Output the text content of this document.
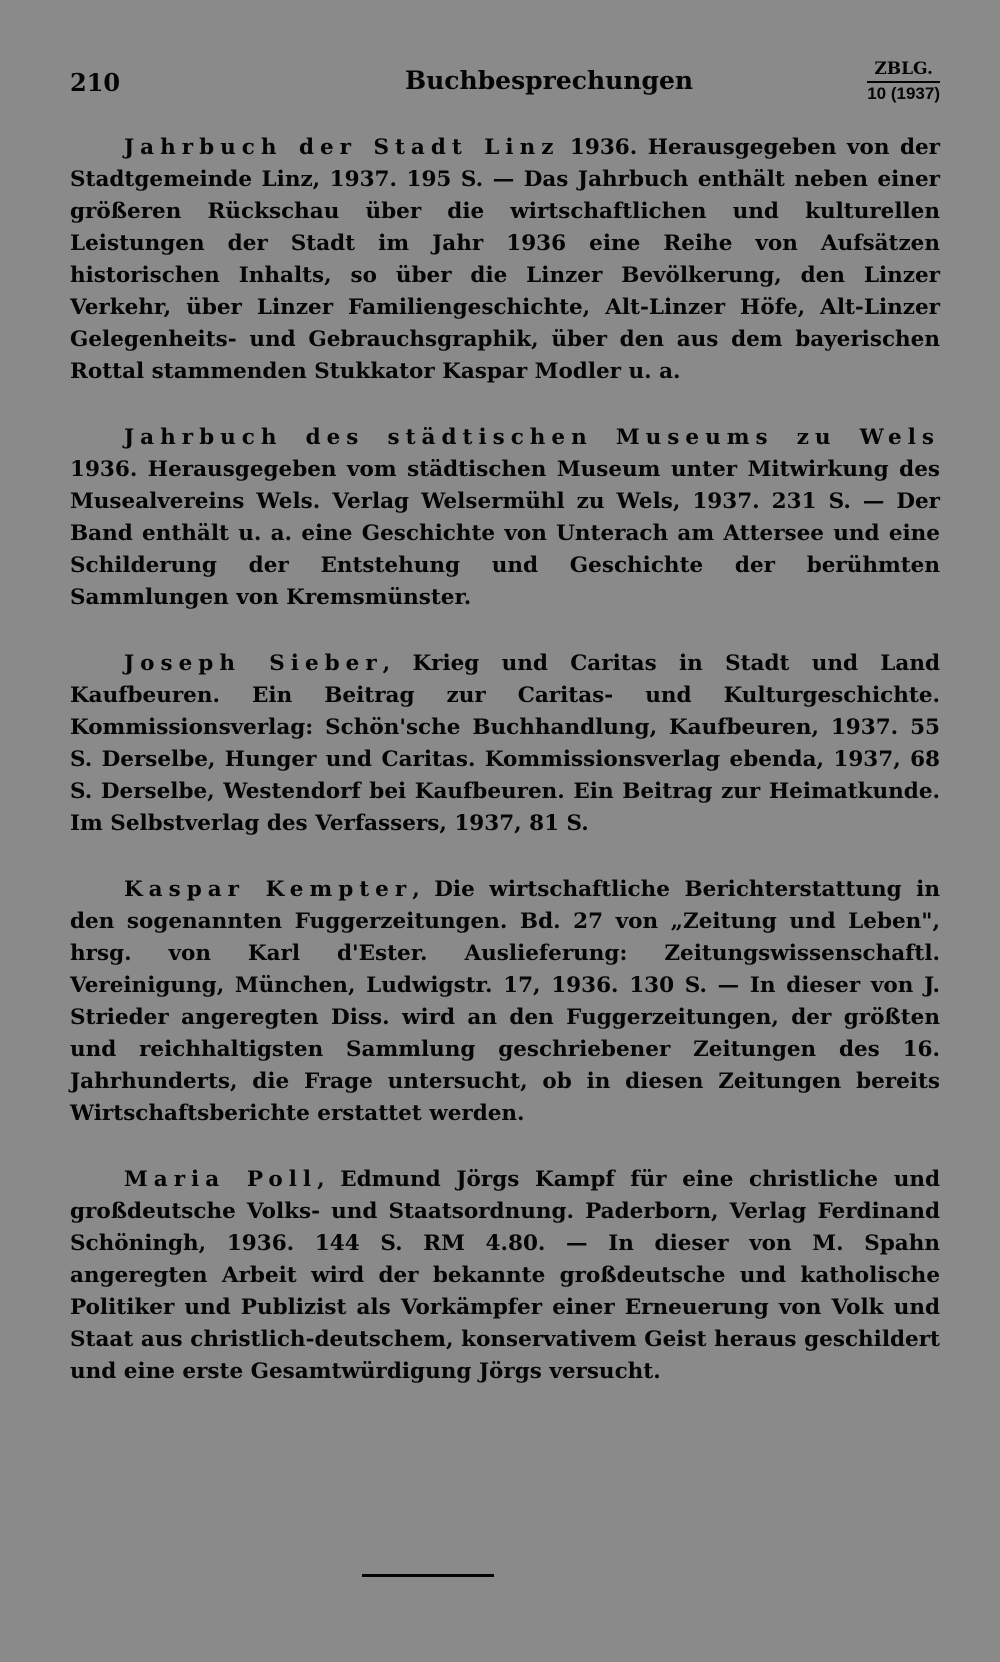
210	Buchbesprechungen	ZBLG.
10 (1937)

Jahrbuch der Stadt Linz 1936. Herausgegeben von der Stadtgemeinde Linz, 1937. 195 S. — Das Jahrbuch enthält neben einer größeren Rückschau über die wirtschaftlichen und kulturellen Leistungen der Stadt im Jahr 1936 eine Reihe von Aufsätzen historischen Inhalts, so über die Linzer Bevölkerung, den Linzer Verkehr, über Linzer Familiengeschichte, Alt-Linzer Höfe, Alt-Linzer Gelegenheits- und Gebrauchsgraphik, über den aus dem bayerischen Rottal stammenden Stukkator Kaspar Modler u. a.

Jahrbuch des städtischen Museums zu Wels 1936. Herausgegeben vom städtischen Museum unter Mitwirkung des Musealvereins Wels. Verlag Welsermühl zu Wels, 1937. 231 S. — Der Band enthält u. a. eine Geschichte von Unterach am Attersee und eine Schilderung der Entstehung und Geschichte der berühmten Sammlungen von Kremsmünster.

Joseph Sieber, Krieg und Caritas in Stadt und Land Kaufbeuren. Ein Beitrag zur Caritas- und Kulturgeschichte. Kommissionsverlag: Schön'sche Buchhandlung, Kaufbeuren, 1937. 55 S. Derselbe, Hunger und Caritas. Kommissionsverlag ebenda, 1937, 68 S. Derselbe, Westendorf bei Kaufbeuren. Ein Beitrag zur Heimatkunde. Im Selbstverlag des Verfassers, 1937, 81 S.

Kaspar Kempter, Die wirtschaftliche Berichterstattung in den sogenannten Fuggerzeitungen. Bd. 27 von „Zeitung und Leben", hrsg. von Karl d'Ester. Auslieferung: Zeitungswissenschaftl. Vereinigung, München, Ludwigstr. 17, 1936. 130 S. — In dieser von J. Strieder angeregten Diss. wird an den Fuggerzeitungen, der größten und reichhaltigsten Sammlung geschriebener Zeitungen des 16. Jahrhunderts, die Frage untersucht, ob in diesen Zeitungen bereits Wirtschaftsberichte erstattet werden.

Maria Poll, Edmund Jörgs Kampf für eine christliche und großdeutsche Volks- und Staatsordnung. Paderborn, Verlag Ferdinand Schöningh, 1936. 144 S. RM 4.80. — In dieser von M. Spahn angeregten Arbeit wird der bekannte großdeutsche und katholische Politiker und Publizist als Vorkämpfer einer Erneuerung von Volk und Staat aus christlich-deutschem, konservativem Geist heraus geschildert und eine erste Gesamtwürdigung Jörgs versucht.
